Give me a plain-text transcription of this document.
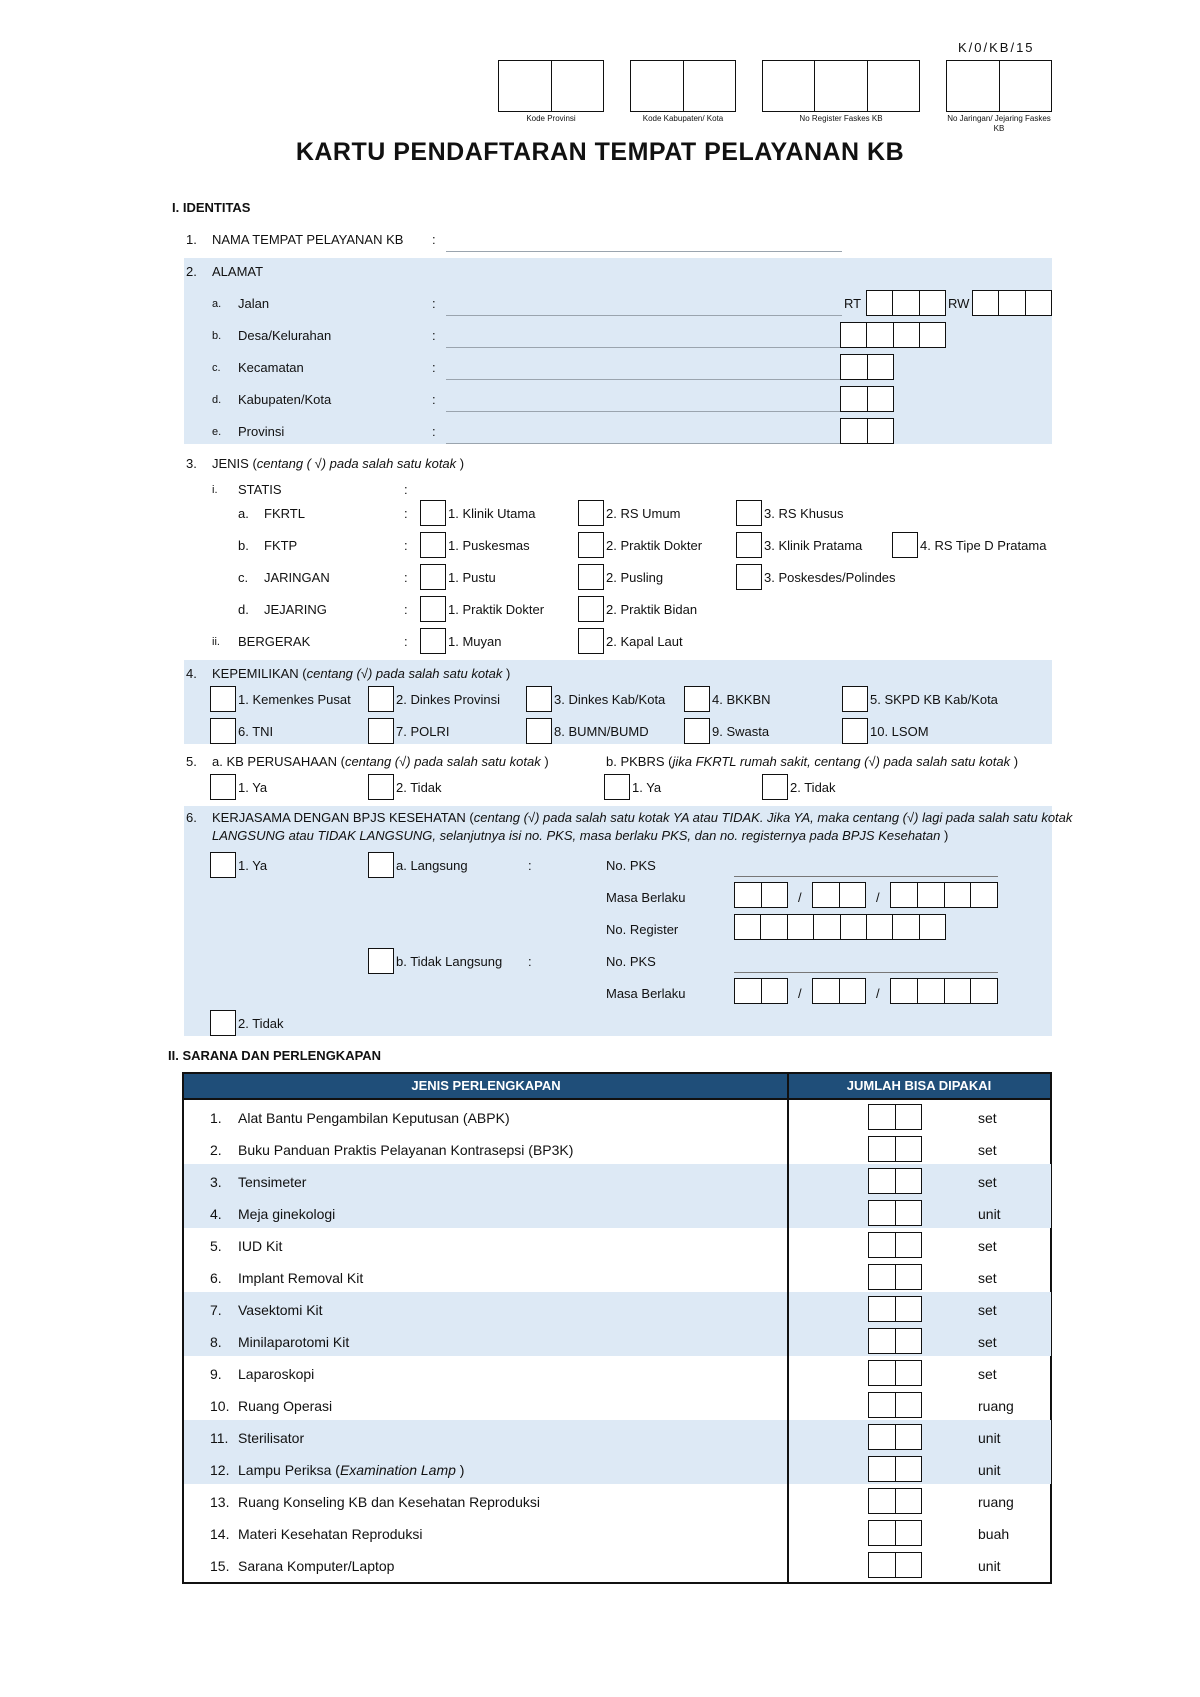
K/0/KB/15
Kode Provinsi	Kode Kabupaten/ Kota	No Register Faskes KB	No Jaringan/ Jejaring Faskes KB
KARTU PENDAFTARAN TEMPAT PELAYANAN KB
I. IDENTITAS
1. NAMA TEMPAT PELAYANAN KB :
2. ALAMAT
a. Jalan	:	RT	RW
b. Desa/Kelurahan	:
c. Kecamatan	:
d. Kabupaten/Kota	:
e. Provinsi	:
3. JENIS (centang ( √) pada salah satu kotak )
i. STATIS	:
a. FKRTL	:	1. Klinik Utama	2. RS Umum	3. RS Khusus
b. FKTP	:	1. Puskesmas	2. Praktik Dokter	3. Klinik Pratama	4. RS Tipe D Pratama
c. JARINGAN	:	1. Pustu	2. Pusling	3. Poskesdes/Polindes
d. JEJARING	:	1. Praktik Dokter	2. Praktik Bidan
ii. BERGERAK	:	1. Muyan	2. Kapal Laut
4. KEPEMILIKAN (centang (√) pada salah satu kotak )
1. Kemenkes Pusat	2. Dinkes Provinsi	3. Dinkes Kab/Kota	4. BKKBN	5. SKPD KB Kab/Kota
6. TNI	7. POLRI	8. BUMN/BUMD	9. Swasta	10. LSOM
5. a. KB PERUSAHAAN (centang (√) pada salah satu kotak )	b. PKBRS (jika FKRTL rumah sakit, centang (√) pada salah satu kotak )
1. Ya	2. Tidak	1. Ya	2. Tidak
6. KERJASAMA DENGAN BPJS KESEHATAN (centang (√) pada salah satu kotak YA atau TIDAK. Jika YA, maka centang (√) lagi pada salah satu kotak
LANGSUNG atau TIDAK LANGSUNG, selanjutnya isi no. PKS, masa berlaku PKS, dan no. registernya pada BPJS Kesehatan )
1. Ya	a. Langsung	:	No. PKS
Masa Berlaku	/	/
No. Register
b. Tidak Langsung :	No. PKS
Masa Berlaku	/	/
2. Tidak
II. SARANA DAN PERLENGKAPAN
JENIS PERLENGKAPAN	JUMLAH BISA DIPAKAI
1. Alat Bantu Pengambilan Keputusan (ABPK)	set
2. Buku Panduan Praktis Pelayanan Kontrasepsi (BP3K)	set
3. Tensimeter	set
4. Meja ginekologi	unit
5. IUD Kit	set
6. Implant Removal Kit	set
7. Vasektomi Kit	set
8. Minilaparotomi Kit	set
9. Laparoskopi	set
10. Ruang Operasi	ruang
11. Sterilisator	unit
12. Lampu Periksa (Examination Lamp )	unit
13. Ruang Konseling KB dan Kesehatan Reproduksi	ruang
14. Materi Kesehatan Reproduksi	buah
15. Sarana Komputer/Laptop	unit
